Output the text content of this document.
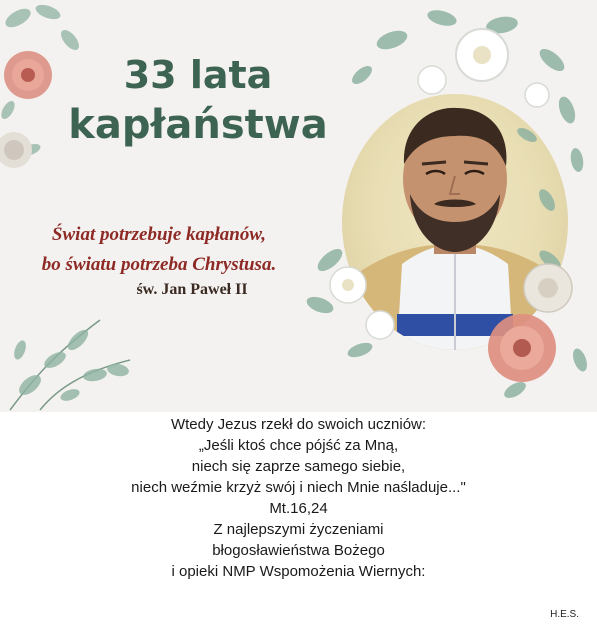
33 lata
kapłaństwa
Świat potrzebuje kapłanów,
bo światu potrzeba Chrystusa.
św. Jan Paweł II
Wtedy Jezus rzekł do swoich uczniów:
„Jeśli ktoś chce pójść za Mną,
niech się zaprze samego siebie,
niech weźmie krzyż swój i niech Mnie naśladuje..."
Mt.16,24
Z najlepszymi życzeniami
błogosławieństwa Bożego
i opieki NMP Wspomożenia Wiernych:
H.E.S.
